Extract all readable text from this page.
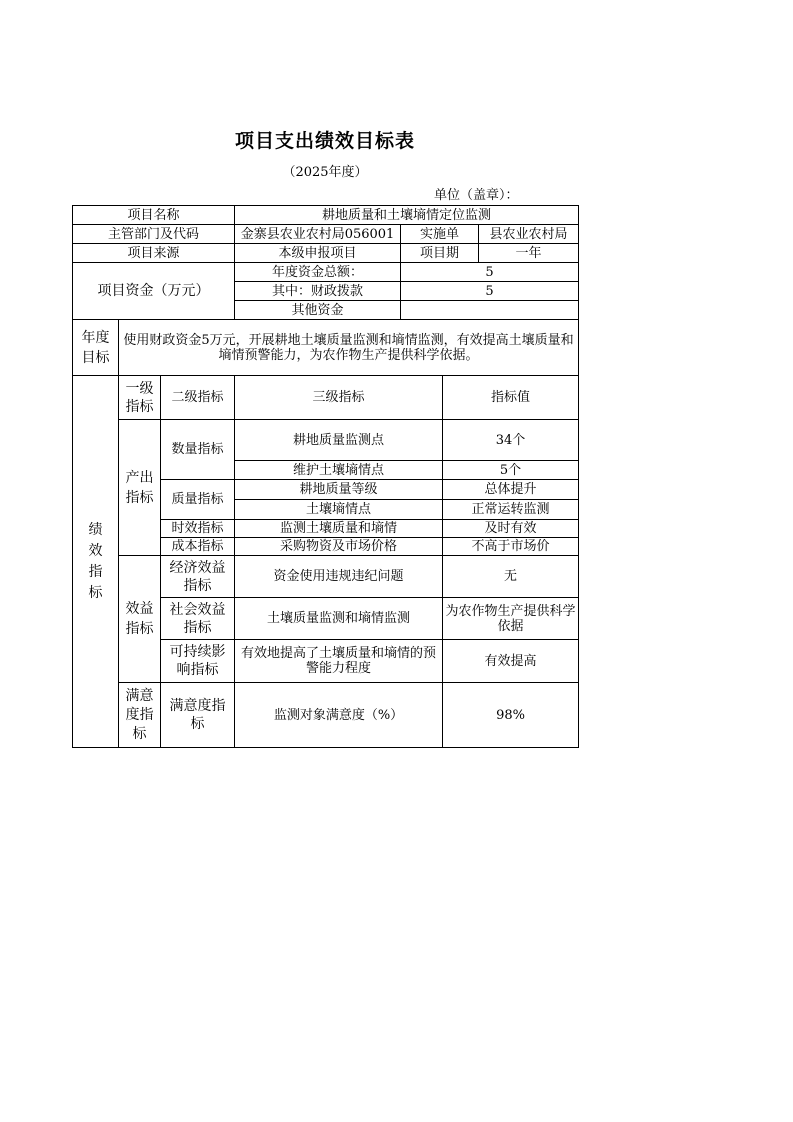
项目支出绩效目标表
（2025年度）
单位（盖章）：
项目名称			耕地质量和土壤墒情定位监测			
主管部门及代码			金寨县农业农村局056001	实施单		县农业农村局
项目来源			本级申报项目	项目期		一年
项目资金（万元）			年度资金总额：	5		
			其中：财政拨款	5		
			其他资金			
年度目标	使用财政资金5万元，开展耕地土壤质量监测和墒情监测，有效提高土壤质量和墒情预警能力，为农作物生产提供科学依据。					
绩效指标	一级指标	二级指标	三级指标		指标值	
	产出指标	数量指标	耕地质量监测点		34个	
			维护土壤墒情点		5个	
		质量指标	耕地质量等级		总体提升	
			土壤墒情点		正常运转监测	
		时效指标	监测土壤质量和墒情		及时有效	
		成本指标	采购物资及市场价格		不高于市场价	
	效益指标	经济效益指标	资金使用违规违纪问题		无	
		社会效益指标	土壤质量监测和墒情监测		为农作物生产提供科学依据	
		可持续影响指标	有效地提高了土壤质量和墒情的预警能力程度		有效提高	
	满意度指标	满意度指标	监测对象满意度（%）		98%	
